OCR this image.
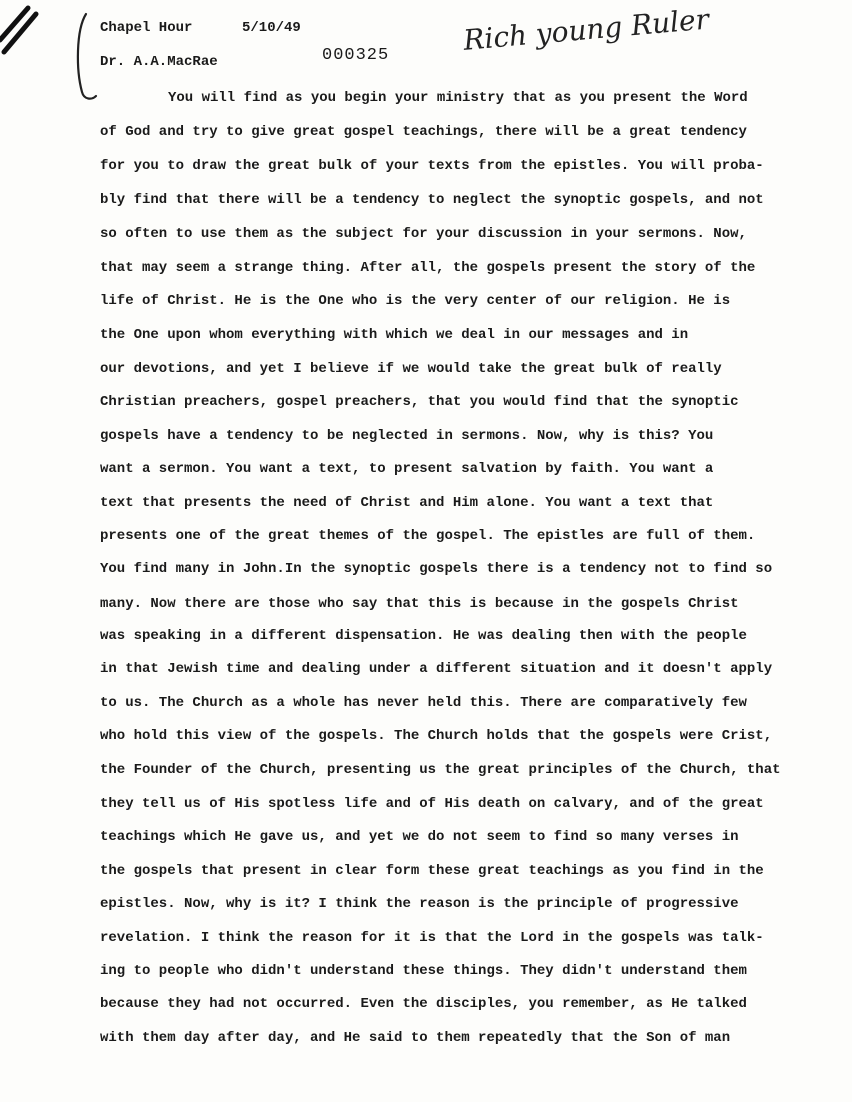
Chapel Hour	5/10/49
Dr. A.A.MacRae	000325	Rich young Ruler
You will find as you begin your ministry that as you present the Word
of God and try to give great gospel teachings, there will be a great tendency
for you to draw the great bulk of your texts from the epistles. You will proba-
bly find that there will be a tendency to neglect the synoptic gospels, and not
so often to use them as the subject for your discussion in your sermons. Now,
that may seem a strange thing. After all, the gospels present the story of the
life of Christ. He is the One who is the very center of our religion. He is
the One upon whom everything with which we deal in our messages and in
our devotions, and yet I believe if we would take the great bulk of really
Christian preachers, gospel preachers, that you would find that the synoptic
gospels have a tendency to be neglected in sermons. Now, why is this? You
want a sermon. You want a text, to present salvation by faith. You want a
text that presents the need of Christ and Him alone. You want a text that
presents one of the great themes of the gospel. The epistles are full of them.
You find many in John.In the synoptic gospels there is a tendency not to find so
many. Now there are those who say that this is because in the gospels Christ
was speaking in a different dispensation. He was dealing then with the people
in that Jewish time and dealing under a different situation and it doesn't apply
to us. The Church as a whole has never held this. There are comparatively few
who hold this view of the gospels. The Church holds that the gospels were Crist,
the Founder of the Church, presenting us the great principles of the Church, that
they tell us of His spotless life and of His death on calvary, and of the great
teachings which He gave us, and yet we do not seem to find so many verses in
the gospels that present in clear form these great teachings as you find in the
epistles. Now, why is it? I think the reason is the principle of progressive
revelation. I think the reason for it is that the Lord in the gospels was talk-
ing to people who didn't understand these things. They didn't understand them
because they had not occurred. Even the disciples, you remember, as He talked
with them day after day, and He said to them repeatedly that the Son of man
